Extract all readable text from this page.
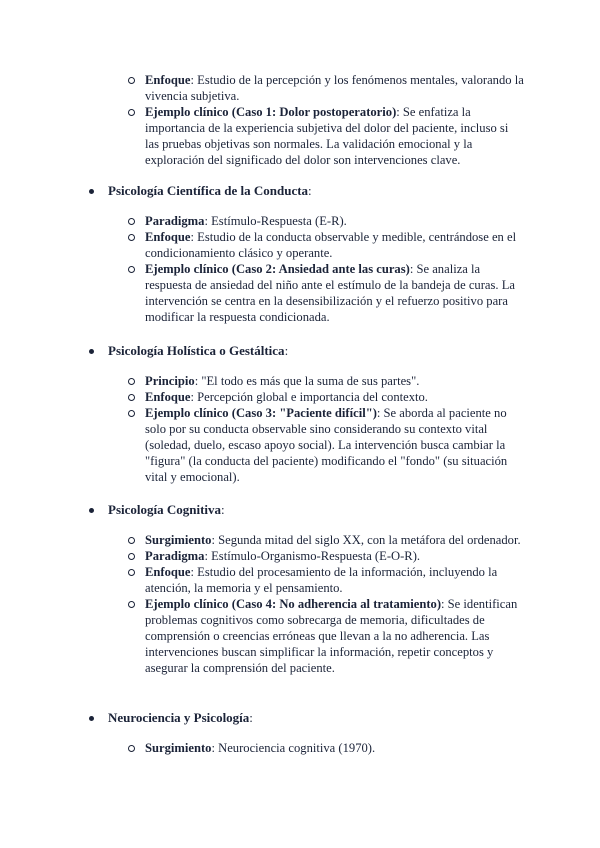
Enfoque: Estudio de la percepción y los fenómenos mentales, valorando la vivencia subjetiva.
Ejemplo clínico (Caso 1: Dolor postoperatorio): Se enfatiza la importancia de la experiencia subjetiva del dolor del paciente, incluso si las pruebas objetivas son normales. La validación emocional y la exploración del significado del dolor son intervenciones clave.
Psicología Científica de la Conducta:
Paradigma: Estímulo-Respuesta (E-R).
Enfoque: Estudio de la conducta observable y medible, centrándose en el condicionamiento clásico y operante.
Ejemplo clínico (Caso 2: Ansiedad ante las curas): Se analiza la respuesta de ansiedad del niño ante el estímulo de la bandeja de curas. La intervención se centra en la desensibilización y el refuerzo positivo para modificar la respuesta condicionada.
Psicología Holística o Gestáltica:
Principio: "El todo es más que la suma de sus partes".
Enfoque: Percepción global e importancia del contexto.
Ejemplo clínico (Caso 3: "Paciente difícil"): Se aborda al paciente no solo por su conducta observable sino considerando su contexto vital (soledad, duelo, escaso apoyo social). La intervención busca cambiar la "figura" (la conducta del paciente) modificando el "fondo" (su situación vital y emocional).
Psicología Cognitiva:
Surgimiento: Segunda mitad del siglo XX, con la metáfora del ordenador.
Paradigma: Estímulo-Organismo-Respuesta (E-O-R).
Enfoque: Estudio del procesamiento de la información, incluyendo la atención, la memoria y el pensamiento.
Ejemplo clínico (Caso 4: No adherencia al tratamiento): Se identifican problemas cognitivos como sobrecarga de memoria, dificultades de comprensión o creencias erróneas que llevan a la no adherencia. Las intervenciones buscan simplificar la información, repetir conceptos y asegurar la comprensión del paciente.
Neurociencia y Psicología:
Surgimiento: Neurociencia cognitiva (1970).
